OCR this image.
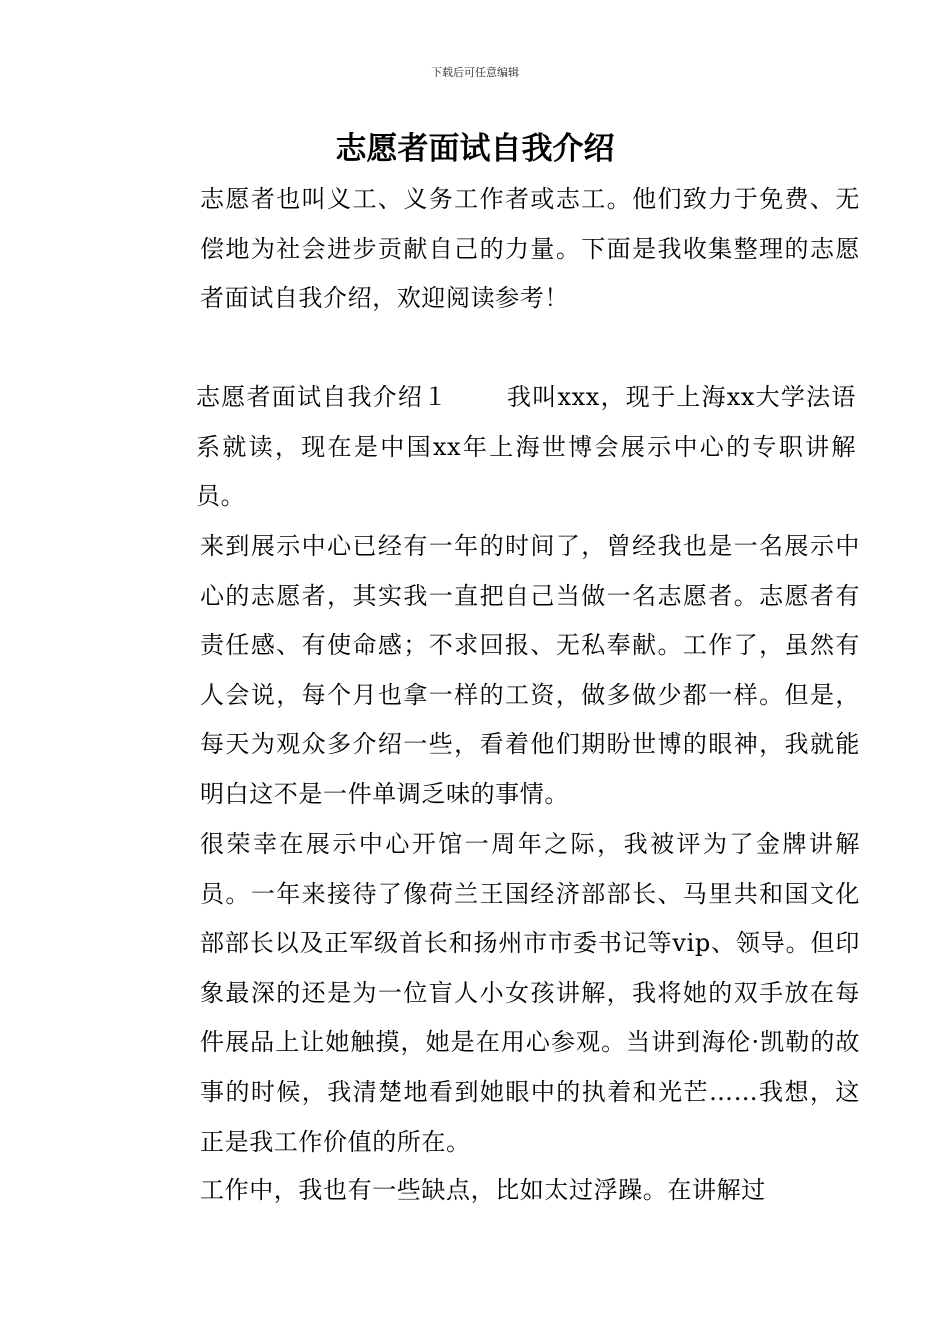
下载后可任意编辑
志愿者面试自我介绍

志愿者也叫义工、义务工作者或志工。他们致力于免费、无偿地为社会进步贡献自己的力量。下面是我收集整理的志愿者面试自我介绍，欢迎阅读参考！

志愿者面试自我介绍１ 我叫xxx，现于上海xx大学法语系就读，现在是中国xx年上海世博会展示中心的专职讲解员。

来到展示中心已经有一年的时间了，曾经我也是一名展示中心的志愿者，其实我一直把自己当做一名志愿者。志愿者有责任感、有使命感；不求回报、无私奉献。工作了，虽然有人会说，每个月也拿一样的工资，做多做少都一样。但是，每天为观众多介绍一些，看着他们期盼世博的眼神，我就能明白这不是一件单调乏味的事情。

很荣幸在展示中心开馆一周年之际，我被评为了金牌讲解员。一年来接待了像荷兰王国经济部部长、马里共和国文化部部长以及正军级首长和扬州市市委书记等vip、领导。但印象最深的还是为一位盲人小女孩讲解，我将她的双手放在每件展品上让她触摸，她是在用心参观。当讲到海伦·凯勒的故事的时候，我清楚地看到她眼中的执着和光芒……我想，这正是我工作价值的所在。

工作中，我也有一些缺点，比如太过浮躁。在讲解过
